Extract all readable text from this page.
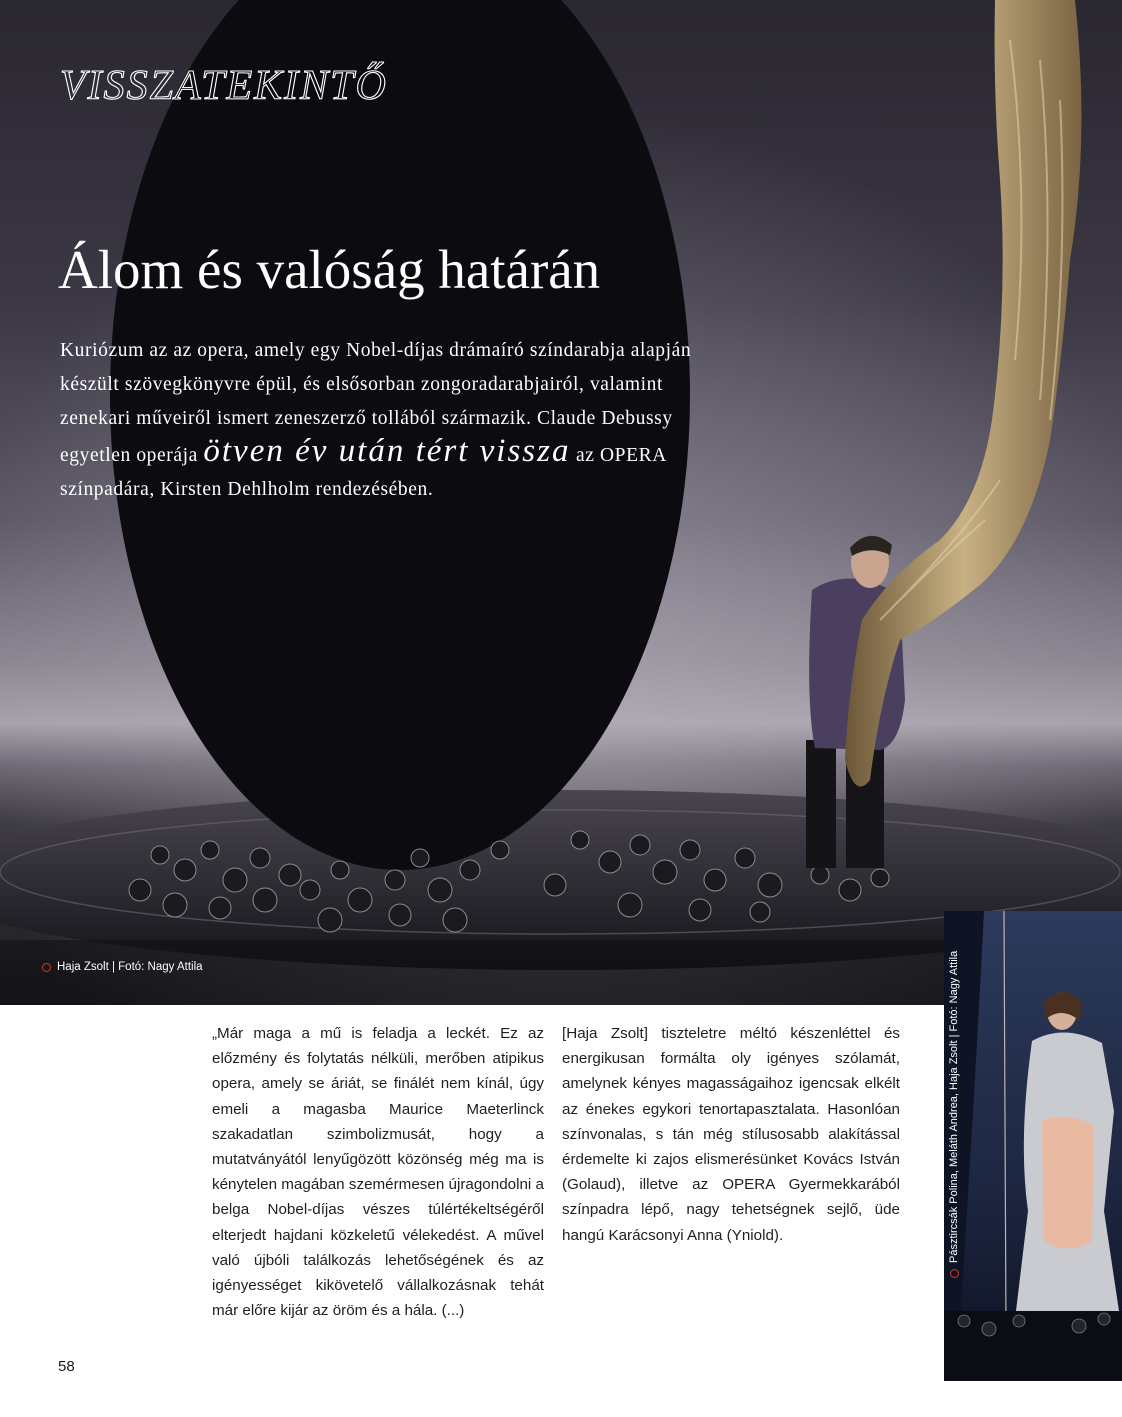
VISSZATEKINTŐ
Álom és valóság határán

Kuriózum az az opera, amely egy Nobel-díjas drámaíró színdarabja alapján készült szövegkönyvre épül, és elsősorban zongoradarabjairól, valamint zenekari műveiről ismert zeneszerző tollából származik. Claude Debussy egyetlen operája ötven év után tért vissza az OPERA színpadára, Kirsten Dehlholm rendezésében.

Haja Zsolt | Fotó: Nagy Attila

„Már maga a mű is feladja a leckét. Ez az előzmény és folytatás nélküli, merőben atipikus opera, amely se áriát, se finálét nem kínál, úgy emeli a magasba Maurice Maeterlinck szakadatlan szimbolizmusát, hogy a mutatványától lenyűgözött közönség még ma is kénytelen magában szemérmesen újragondolni a belga Nobel-díjas vészes túlértékeltségéről elterjedt hajdani közkeletű vélekedést. A művel való újbóli találkozás lehetőségének és az igényességet kikövetelő vállalkozásnak tehát már előre kijár az öröm és a hála. (...)

[Haja Zsolt] tiszteletre méltó készenléttel és energikusan formálta oly igényes szólamát, amelynek kényes magasságaihoz igencsak elkélt az énekes egykori tenortapasztalata. Hasonlóan színvonalas, s tán még stílusosabb alakítással érdemelte ki zajos elismerésünket Kovács István (Golaud), illetve az OPERA Gyermekkarából színpadra lépő, nagy tehetségnek sejlő, üde hangú Karácsonyi Anna (Yniold).	Pásztircsák Polina, Meláth Andrea, Haja Zsolt | Fotó: Nagy Attila
58
